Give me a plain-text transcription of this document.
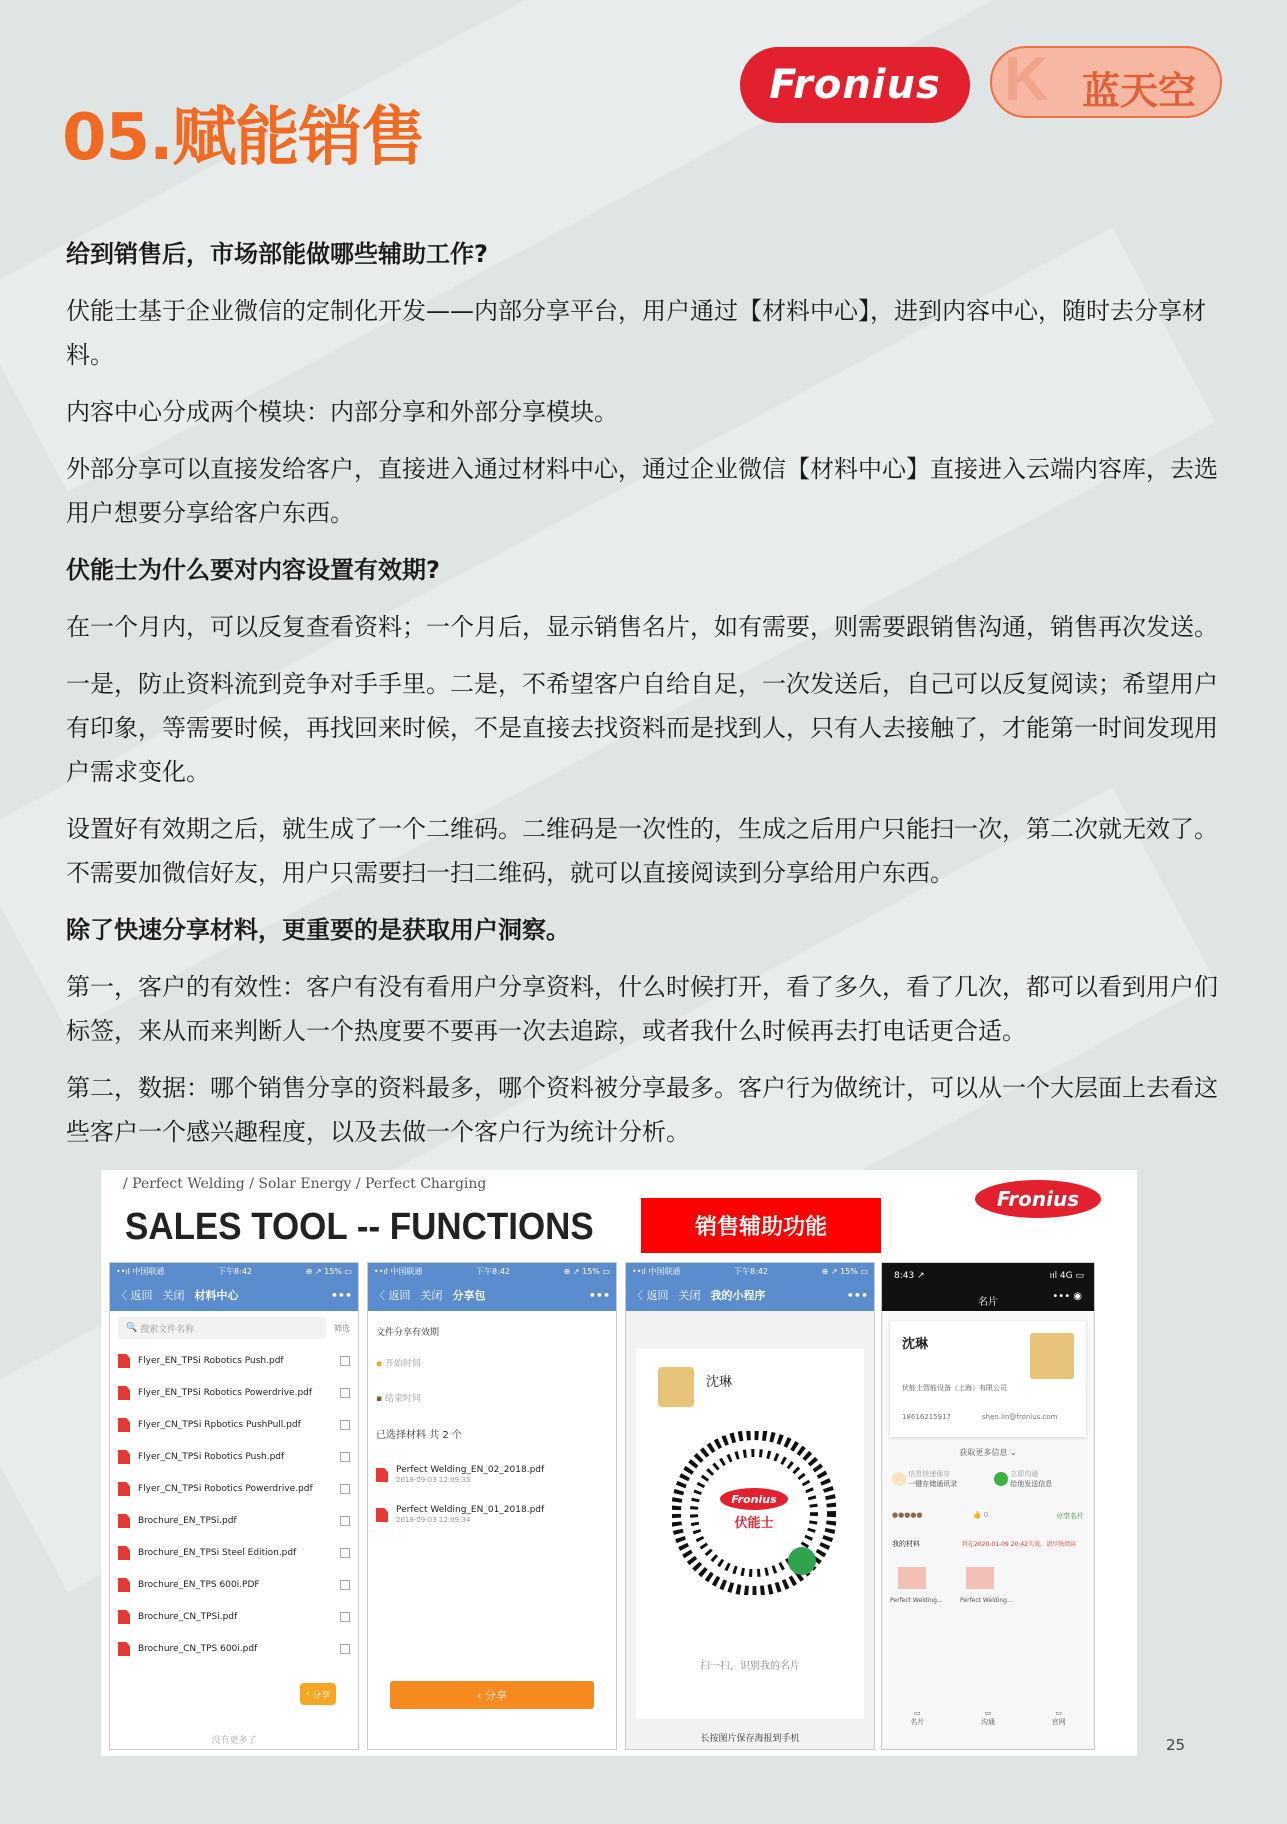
05.赋能销售
Fronius K 蓝天空

给到销售后，市场部能做哪些辅助工作?

伏能士基于企业微信的定制化开发——内部分享平台，用户通过【材料中心】，进到内容中心，随时去分享材料。

内容中心分成两个模块：内部分享和外部分享模块。

外部分享可以直接发给客户，直接进入通过材料中心，通过企业微信【材料中心】直接进入云端内容库，去选用户想要分享给客户东西。

伏能士为什么要对内容设置有效期?

在一个月内，可以反复查看资料；一个月后，显示销售名片，如有需要，则需要跟销售沟通，销售再次发送。

一是，防止资料流到竞争对手手里。二是，不希望客户自给自足，一次发送后，自己可以反复阅读；希望用户有印象，等需要时候，再找回来时候，不是直接去找资料而是找到人，只有人去接触了，才能第一时间发现用户需求变化。

设置好有效期之后，就生成了一个二维码。二维码是一次性的，生成之后用户只能扫一次，第二次就无效了。不需要加微信好友，用户只需要扫一扫二维码，就可以直接阅读到分享给用户东西。

除了快速分享材料，更重要的是获取用户洞察。

第一，客户的有效性：客户有没有看用户分享资料，什么时候打开，看了多久，看了几次，都可以看到用户们标签，来从而来判断人一个热度要不要再一次去追踪，或者我什么时候再去打电话更合适。

第二，数据：哪个销售分享的资料最多，哪个资料被分享最多。客户行为做统计，可以从一个大层面上去看这些客户一个感兴趣程度，以及去做一个客户行为统计分析。

/ Perfect Welding / Solar Energy / Perfect Charging
SALES TOOL -- FUNCTIONS	销售辅助功能
Fronius
••ıl 中国联通	下午8:42	⊕ ↗ 15% ▭
〈 返回 关闭 材料中心	•••
🔍 搜索文件名称	筛选
Flyer_EN_TPSi Robotics Push.pdf
Flyer_EN_TPSi Robotics Powerdrive.pdf
Flyer_CN_TPSi Rpbotics PushPull.pdf
Flyer_CN_TPSi Robotics Push.pdf
Flyer_CN_TPSi Robotics Powerdrive.pdf
Brochure_EN_TPSi.pdf
Brochure_EN_TPSi Steel Edition.pdf
Brochure_EN_TPS 600i.PDF
Brochure_CN_TPSi.pdf
Brochure_CN_TPS 600i.pdf
‹ 分享
没有更多了
••ıl 中国联通	下午8:42	⊕ ↗ 15% ▭
〈 返回 关闭 分享包	•••
文件分享有效期
▪ 开始时间
▪ 结束时间
已选择材料 共 2 个
Perfect Welding_EN_02_2018.pdf
2019-09-03 12:09:35
Perfect Welding_EN_01_2018.pdf
2019-09-03 12:09:34
‹ 分享
••ıl 中国联通	下午8:42	⊕ ↗ 15% ▭
〈 返回 关闭 我的小程序	•••
沈琳
Fronius
伏能士
扫一扫，识别我的名片
长按图片保存海报到手机
8:43 ↗	ııl 4G ▭
名片
••• ◉
沈琳
伏能士智能设备（上海）有限公司
18616215917	shen.lin@fronius.com
获取更多信息 ⌄
信息快速保存
一键存储通讯录
立即沟通
给他发送信息
●●●●●	👍 0	分享名片
我的材料	将在2020-01-09 20:42失效，请尽快阅读
Perfect Welding...	Perfect Welding...
▭
名片
▭
沟通
▭
官网
25
